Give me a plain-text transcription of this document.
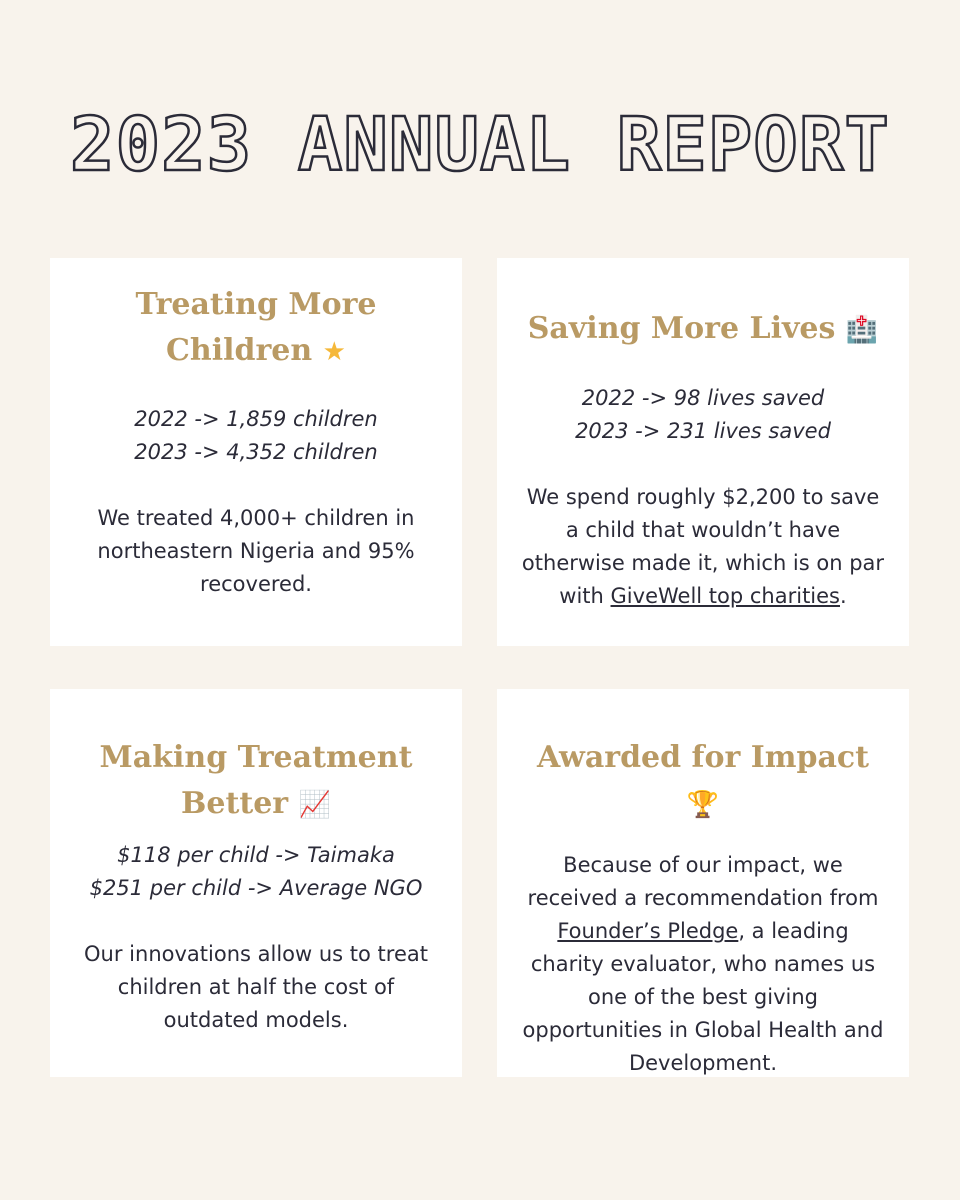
2023 ANNUAL REPORT
Treating More Children ★
2022 -> 1,859 children
2023 -> 4,352 children

We treated 4,000+ children in northeastern Nigeria and 95% recovered.

Saving More Lives 🏥
2022 -> 98 lives saved
2023 -> 231 lives saved

We spend roughly $2,200 to save a child that wouldn’t have otherwise made it, which is on par with GiveWell top charities.

Making Treatment Better 📈
$118 per child -> Taimaka
$251 per child -> Average NGO

Our innovations allow us to treat children at half the cost of outdated models.

Awarded for Impact 🏆

Because of our impact, we received a recommendation from Founder’s Pledge, a leading charity evaluator, who names us one of the best giving opportunities in Global Health and Development.
